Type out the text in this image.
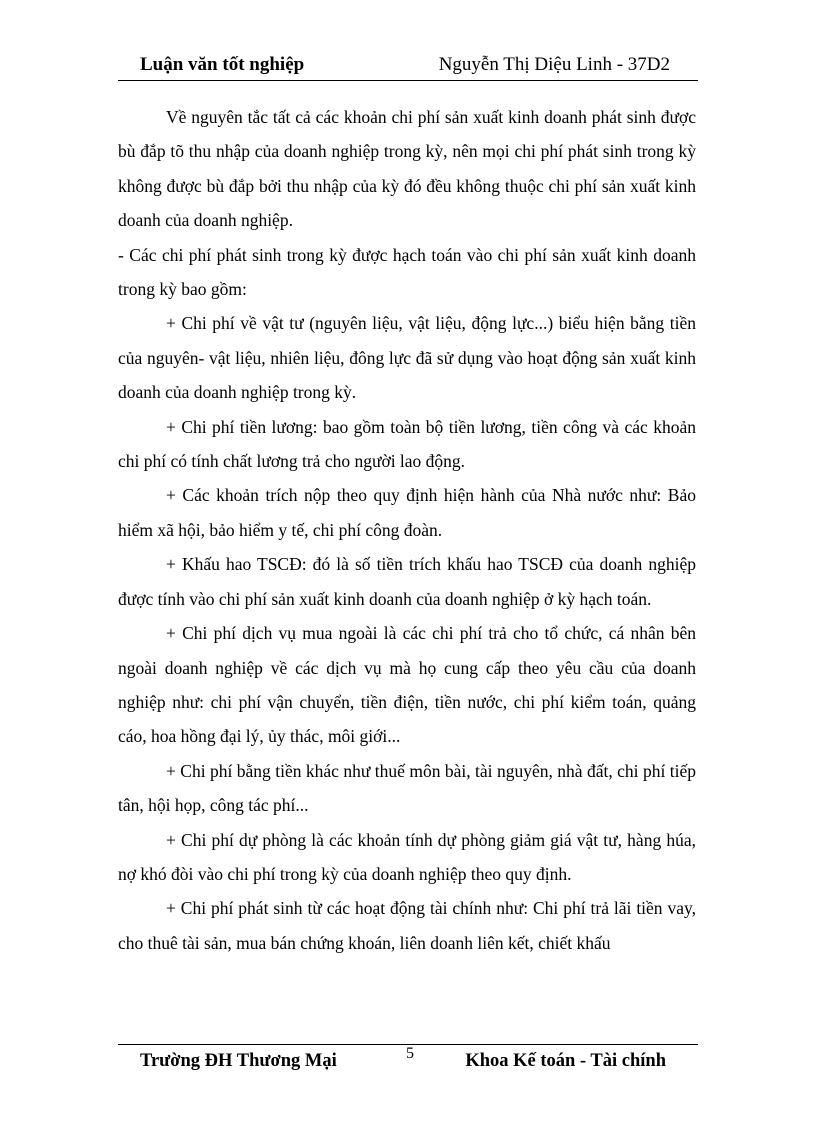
Luận văn tốt nghiệp	Nguyễn Thị Diệu Linh - 37D2

Về nguyên tắc tất cả các khoản chi phí sản xuất kinh doanh phát sinh được bù đắp tõ thu nhập của doanh nghiệp trong kỳ, nên mọi chi phí phát sinh trong kỳ không được bù đắp bởi thu nhập của kỳ đó đều không thuộc chi phí sản xuất kinh doanh của doanh nghiệp.

- Các chi phí phát sinh trong kỳ được hạch toán vào chi phí sản xuất kinh doanh trong kỳ bao gồm:

+ Chi phí về vật tư (nguyên liệu, vật liệu, động lực...) biểu hiện bằng tiền của nguyên- vật liệu, nhiên liệu, đông lực đã sử dụng vào hoạt động sản xuất kinh doanh của doanh nghiệp trong kỳ.

+ Chi phí tiền lương: bao gồm toàn bộ tiền lương, tiền công và các khoản chi phí có tính chất lương trả cho người lao động.

+ Các khoản trích nộp theo quy định hiện hành của Nhà nước như: Bảo hiểm xã hội, bảo hiểm y tế, chi phí công đoàn.

+ Khấu hao TSCĐ: đó là số tiền trích khấu hao TSCĐ của doanh nghiệp được tính vào chi phí sản xuất kinh doanh của doanh nghiệp ở kỳ hạch toán.

+ Chi phí dịch vụ mua ngoài là các chi phí trả cho tổ chức, cá nhân bên ngoài doanh nghiệp về các dịch vụ mà họ cung cấp theo yêu cầu của doanh nghiệp như: chi phí vận chuyển, tiền điện, tiền nước, chi phí kiểm toán, quảng cáo, hoa hồng đại lý, ủy thác, môi giới...

+ Chi phí bằng tiền khác như thuế môn bài, tài nguyên, nhà đất, chi phí tiếp tân, hội họp, công tác phí...

+ Chi phí dự phòng là các khoản tính dự phòng giảm giá vật tư, hàng húa, nợ khó đòi vào chi phí trong kỳ của doanh nghiệp theo quy định.

+ Chi phí phát sinh từ các hoạt động tài chính như: Chi phí trả lãi tiền vay, cho thuê tài sản, mua bán chứng khoán, liên doanh liên kết, chiết khấu

Trường ĐH Thương Mại	5	Khoa Kế toán - Tài chính
